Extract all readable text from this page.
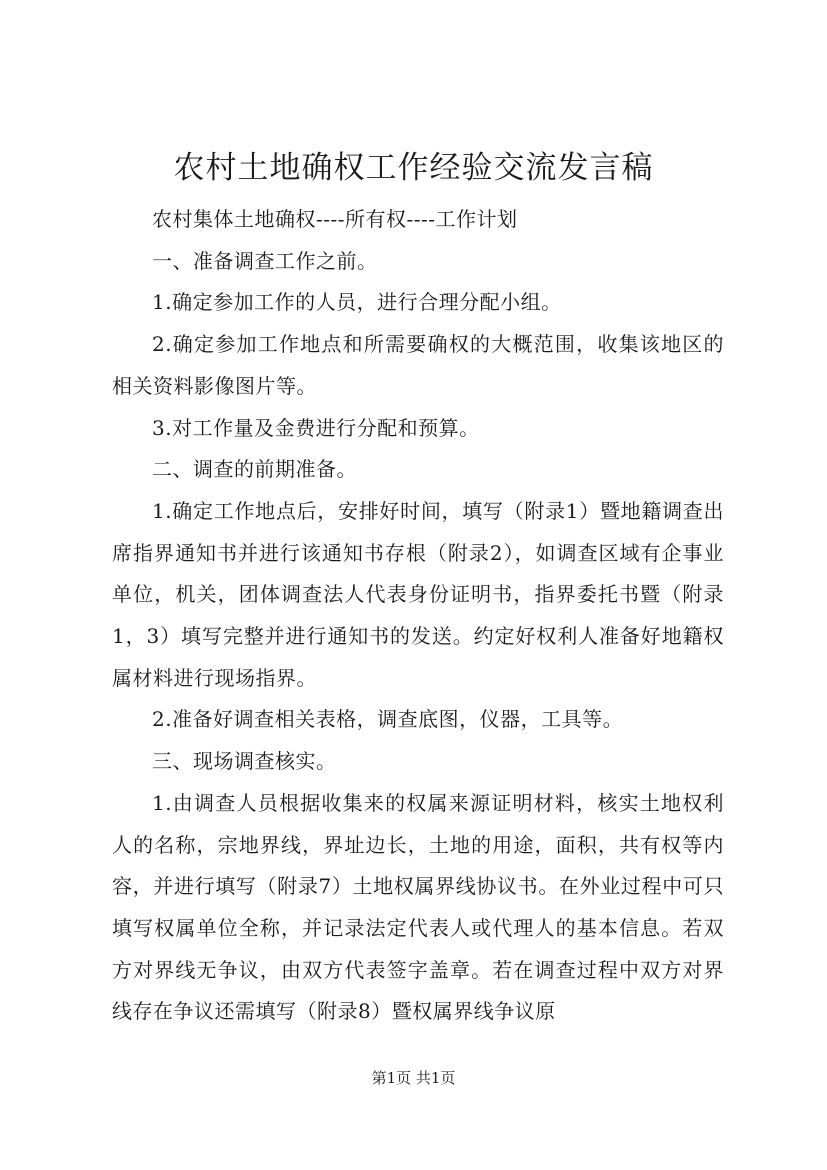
农村土地确权工作经验交流发言稿

农村集体土地确权----所有权----工作计划

一、准备调查工作之前。

1.确定参加工作的人员，进行合理分配小组。

2.确定参加工作地点和所需要确权的大概范围，收集该地区的相关资料影像图片等。

3.对工作量及金费进行分配和预算。

二、调查的前期准备。

1.确定工作地点后，安排好时间，填写（附录1）暨地籍调查出席指界通知书并进行该通知书存根（附录2），如调查区域有企事业单位，机关，团体调查法人代表身份证明书，指界委托书暨（附录1，3）填写完整并进行通知书的发送。约定好权利人准备好地籍权属材料进行现场指界。

2.准备好调查相关表格，调查底图，仪器，工具等。

三、现场调查核实。

1.由调查人员根据收集来的权属来源证明材料，核实土地权利人的名称，宗地界线，界址边长，土地的用途，面积，共有权等内容，并进行填写（附录7）土地权属界线协议书。在外业过程中可只填写权属单位全称，并记录法定代表人或代理人的基本信息。若双方对界线无争议，由双方代表签字盖章。若在调查过程中双方对界线存在争议还需填写（附录8）暨权属界线争议原

第1页 共1页
